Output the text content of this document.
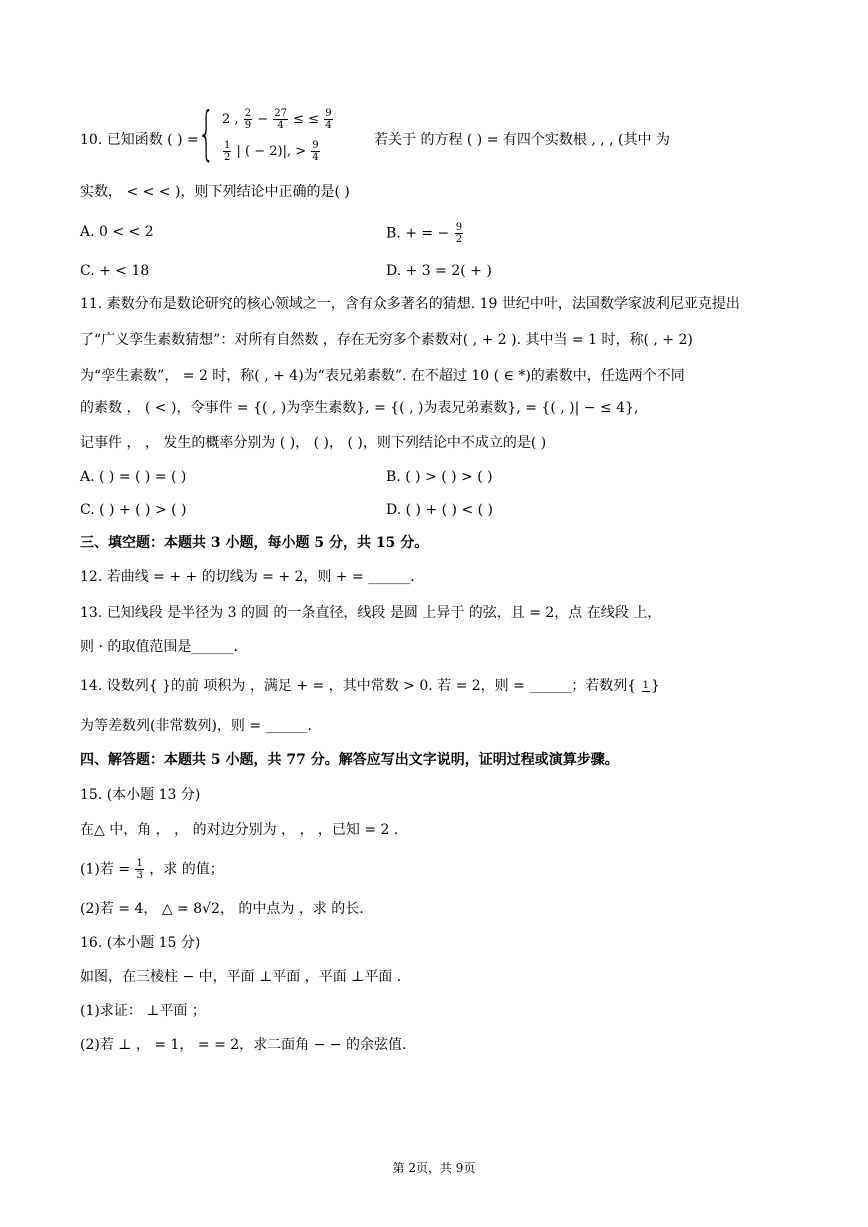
10. 已知函数 ( ) = { 2 , $\frac{2}{9} - \frac{27}{4}$ ≤ ≤ $\frac{9}{4}$
$\frac{1}{2}$ | ( − 2)|, > $\frac{9}{4}$	若关于 的方程 ( ) = 有四个实数根 , , , (其中 为
实数， < < < )，则下列结论中正确的是( )
A. 0 < < 2	B. + = − $\frac{9}{2}$
C. + < 18	D. + 3 = 2( + )
11. 素数分布是数论研究的核心领域之一，含有众多著名的猜想. 19 世纪中叶，法国数学家波利尼亚克提出
了“广义孪生素数猜想”：对所有自然数 ，存在无穷多个素数对( , + 2 ). 其中当 = 1 时，称( , + 2)
为“孪生素数”， = 2 时，称( , + 4)为“表兄弟素数”. 在不超过 10 ( ∈ *)的素数中，任选两个不同
的素数 ， ( < )，令事件 = {( , )为孪生素数}, = {( , )为表兄弟素数}, = {( , )| − ≤ 4},
记事件 ， ， 发生的概率分别为 ( )， ( )， ( )，则下列结论中不成立的是( )
A. ( ) = ( ) = ( )	B. ( ) > ( ) > ( )
C. ( ) + ( ) > ( )	D. ( ) + ( ) < ( )
三、填空题：本题共 3 小题，每小题 5 分，共 15 分。
12. 若曲线 = + + 的切线为 = + 2，则 + = ______.
13. 已知线段 是半径为 3 的圆 的一条直径，线段 是圆 上异于 的弦，且 = 2，点 在线段 上，
则 · 的取值范围是______.
14. 设数列{ }的前 项积为 ，满足 + = ，其中常数 > 0. 若 = 2，则 = ______；若数列{ 1 }
为等差数列(非常数列)，则 = ______.
四、解答题：本题共 5 小题，共 77 分。解答应写出文字说明，证明过程或演算步骤。
15. (本小题 13 分)
在△ 中，角 ， ， 的对边分别为 ， ， ，已知 = 2 .
(1)若 = $\frac{1}{3}$ ，求 的值；
(2)若 = 4， △ = 8√2， 的中点为 ，求 的长.
16. (本小题 15 分)
如图，在三棱柱 − 中，平面 ⊥平面 ，平面 ⊥平面 .
(1)求证： ⊥平面 ；
(2)若 ⊥ ， = 1， = = 2，求二面角 − − 的余弦值.
第 2页，共 9页
